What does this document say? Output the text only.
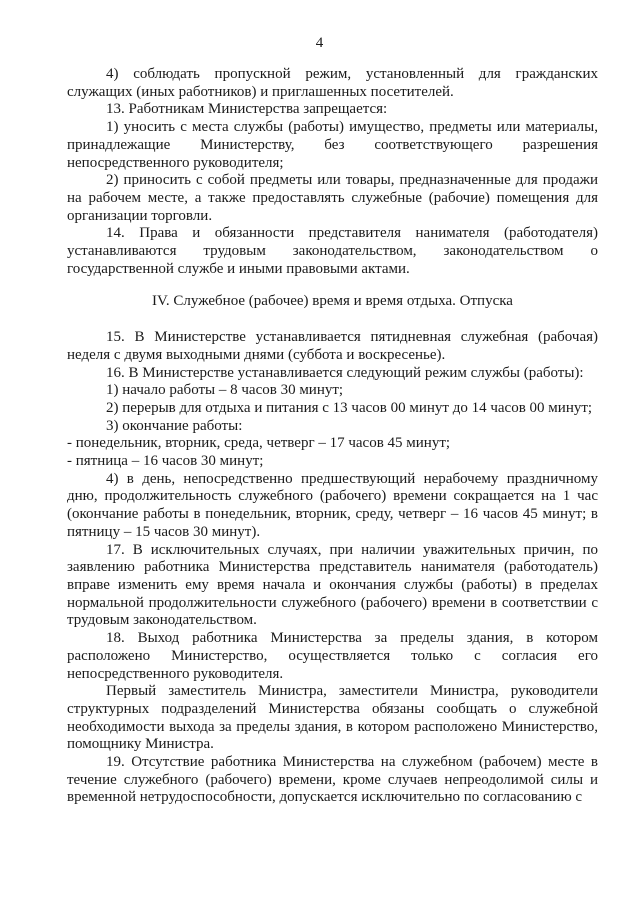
4

4) соблюдать пропускной режим, установленный для гражданских служащих (иных работников) и приглашенных посетителей.

13. Работникам Министерства запрещается:

1) уносить с места службы (работы) имущество, предметы или материалы, принадлежащие Министерству, без соответствующего разрешения непосредственного руководителя;

2) приносить с собой предметы или товары, предназначенные для продажи на рабочем месте, а также предоставлять служебные (рабочие) помещения для организации торговли.

14. Права и обязанности представителя нанимателя (работодателя) устанавливаются трудовым законодательством, законодательством о государственной службе и иными правовыми актами.

IV. Служебное (рабочее) время и время отдыха. Отпуска

15. В Министерстве устанавливается пятидневная служебная (рабочая) неделя с двумя выходными днями (суббота и воскресенье).

16. В Министерстве устанавливается следующий режим службы (работы):

1) начало работы – 8 часов 30 минут;

2) перерыв для отдыха и питания с 13 часов 00 минут до 14 часов 00 минут;

3) окончание работы:

- понедельник, вторник, среда, четверг – 17 часов 45 минут;

- пятница – 16 часов 30 минут;

4) в день, непосредственно предшествующий нерабочему праздничному дню, продолжительность служебного (рабочего) времени сокращается на 1 час (окончание работы в понедельник, вторник, среду, четверг – 16 часов 45 минут; в пятницу – 15 часов 30 минут).

17. В исключительных случаях, при наличии уважительных причин, по заявлению работника Министерства представитель нанимателя (работодатель) вправе изменить ему время начала и окончания службы (работы) в пределах нормальной продолжительности служебного (рабочего) времени в соответствии с трудовым законодательством.

18. Выход работника Министерства за пределы здания, в котором расположено Министерство, осуществляется только с согласия его непосредственного руководителя.

Первый заместитель Министра, заместители Министра, руководители структурных подразделений Министерства обязаны сообщать о служебной необходимости выхода за пределы здания, в котором расположено Министерство, помощнику Министра.

19. Отсутствие работника Министерства на служебном (рабочем) месте в течение служебного (рабочего) времени, кроме случаев непреодолимой силы и временной нетрудоспособности, допускается исключительно по согласованию с
